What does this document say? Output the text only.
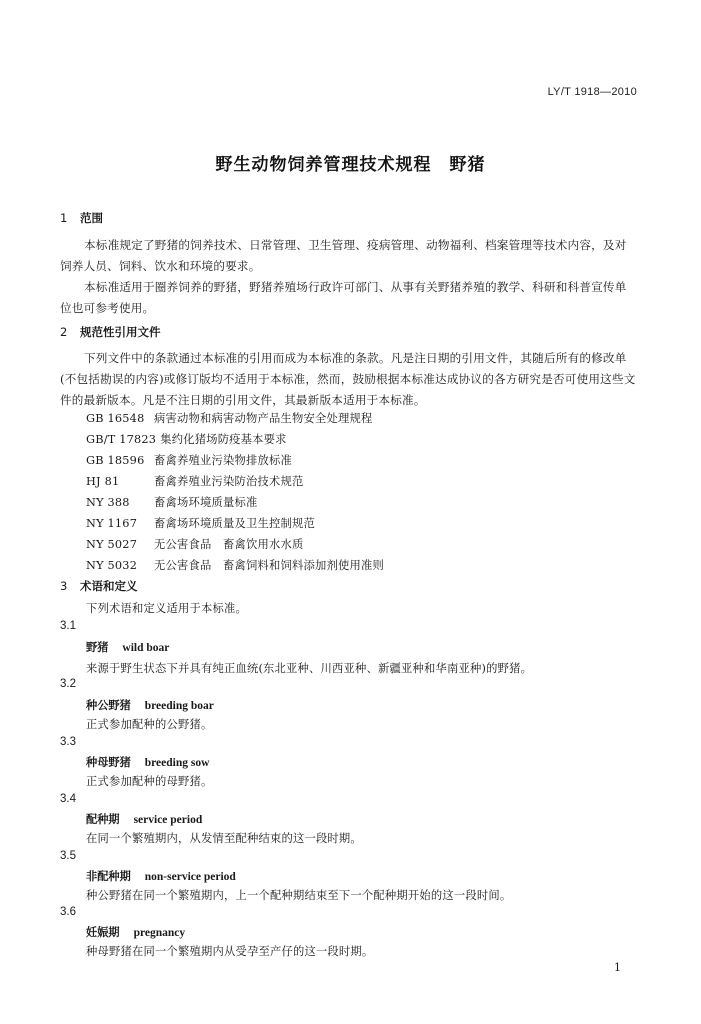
LY/T 1918—2010
野生动物饲养管理技术规程 野猪
1 范围
本标准规定了野猪的饲养技术、日常管理、卫生管理、疫病管理、动物福利、档案管理等技术内容，及对饲养人员、饲料、饮水和环境的要求。
本标准适用于圈养饲养的野猪，野猪养殖场行政许可部门、从事有关野猪养殖的教学、科研和科普宣传单位也可参考使用。
2 规范性引用文件
下列文件中的条款通过本标准的引用而成为本标准的条款。凡是注日期的引用文件，其随后所有的修改单(不包括勘误的内容)或修订版均不适用于本标准，然而，鼓励根据本标准达成协议的各方研究是否可使用这些文件的最新版本。凡是不注日期的引用文件，其最新版本适用于本标准。
GB 16548 病害动物和病害动物产品生物安全处理规程
GB/T 17823 集约化猪场防疫基本要求
GB 18596 畜禽养殖业污染物排放标准
HJ 81	畜禽养殖业污染防治技术规范
NY 388 畜禽场环境质量标准
NY 1167 畜禽场环境质量及卫生控制规范
NY 5027 无公害食品　畜禽饮用水水质
NY 5032 无公害食品　畜禽饲料和饲料添加剂使用准则
3 术语和定义
下列术语和定义适用于本标准。
3.1
野猪 wild boar
来源于野生状态下并具有纯正血统(东北亚种、川西亚种、新疆亚种和华南亚种)的野猪。
3.2
种公野猪 breeding boar
正式参加配种的公野猪。
3.3
种母野猪 breeding sow
正式参加配种的母野猪。
3.4
配种期 service period
在同一个繁殖期内，从发情至配种结束的这一段时期。
3.5
非配种期 non-service period
种公野猪在同一个繁殖期内，上一个配种期结束至下一个配种期开始的这一段时间。
3.6
妊娠期 pregnancy
种母野猪在同一个繁殖期内从受孕至产仔的这一段时期。
1
